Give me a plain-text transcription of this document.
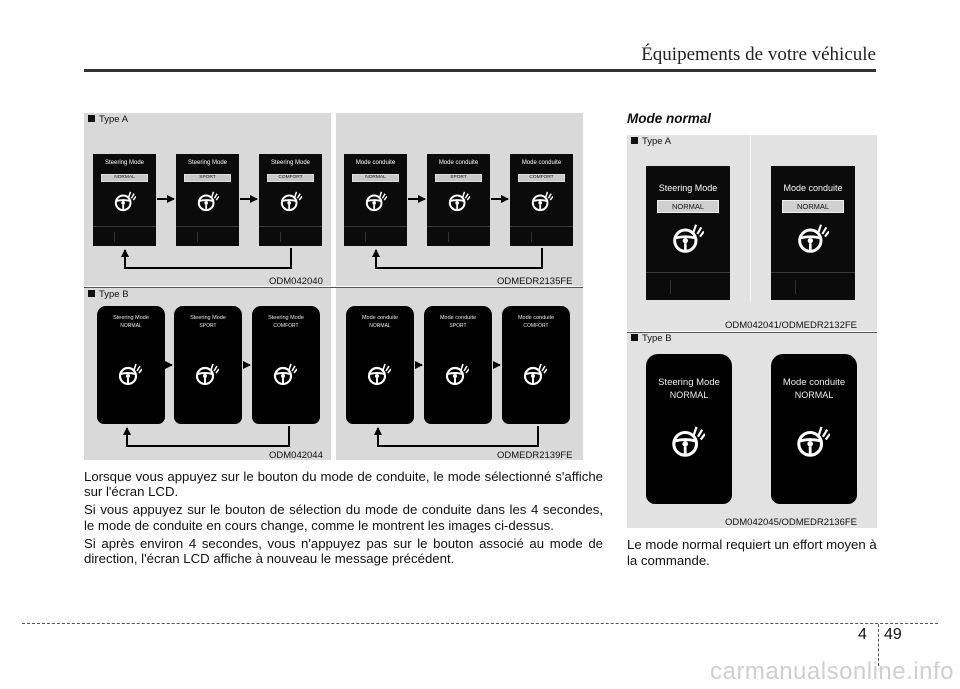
Équipements de votre véhicule
Type A
Type B
ODM042040	ODMEDR2135FE
ODM042044	ODMEDR2139FE
Steering Mode
NORMAL
Steering Mode
SPORT
Steering Mode
COMFORT
Mode conduite
NORMAL
Mode conduite
SPORT
Mode conduite
COMFORT
Steering Mode
NORMAL
Steering Mode
SPORT
Steering Mode
COMFORT
Mode conduite
NORMAL
Mode conduite
SPORT
Mode conduite
COMFORT

Lorsque vous appuyez sur le bouton du mode de conduite, le mode sélectionné s'affiche sur l'écran LCD.

Si vous appuyez sur le bouton de sélection du mode de conduite dans les 4 secondes, le mode de conduite en cours change, comme le montrent les images ci-dessus.

Si après environ 4 secondes, vous n'appuyez pas sur le bouton associé au mode de direction, l'écran LCD affiche à nouveau le message précédent.

Mode normal
Type A
Type B
Steering Mode
NORMAL
Mode conduite
NORMAL
ODM042041/ODMEDR2132FE
Steering Mode
NORMAL
Mode conduite
NORMAL
ODM042045/ODMEDR2136FE
Le mode normal requiert un effort moyen à la commande.
4 49
carmanualsonline.info
